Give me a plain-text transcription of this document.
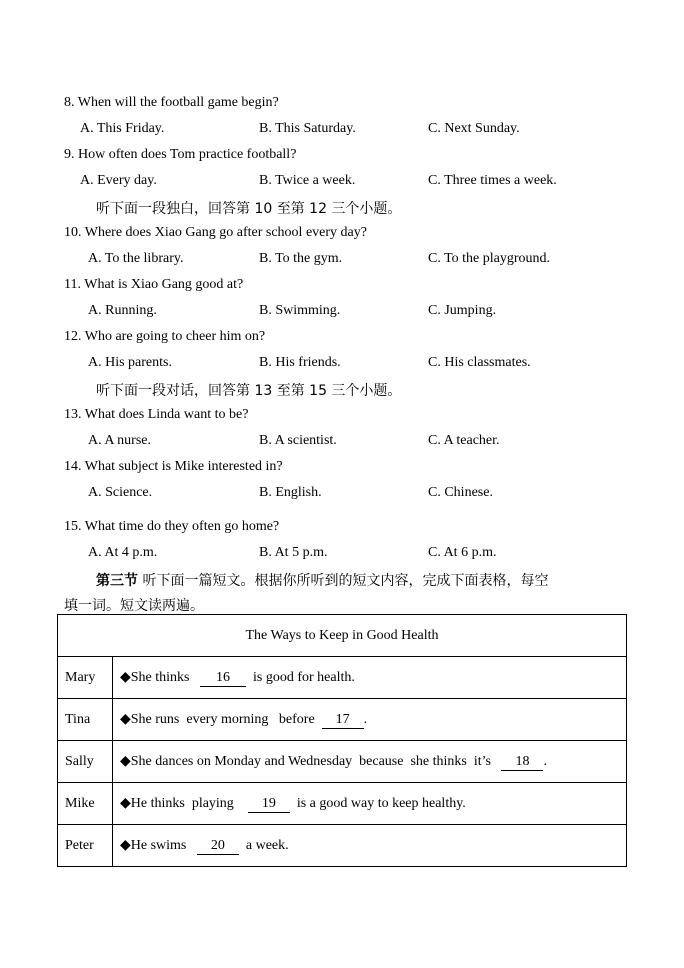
8. When will the football game begin?
A. This Friday.	B. This Saturday.	C. Next Sunday.
9. How often does Tom practice football?
A. Every day.	B. Twice a week.	C. Three times a week.
听下面一段独白，回答第 10 至第 12 三个小题。
10. Where does Xiao Gang go after school every day?
A. To the library.	B. To the gym.	C. To the playground.
11. What is Xiao Gang good at?
A. Running.	B. Swimming.	C. Jumping.
12. Who are going to cheer him on?
A. His parents.	B. His friends.	C. His classmates.
听下面一段对话，回答第 13 至第 15 三个小题。
13. What does Linda want to be?
A. A nurse.	B. A scientist.	C. A teacher.
14. What subject is Mike interested in?
A. Science.	B. English.	C. Chinese.
15. What time do they often go home?
A. At 4 p.m.	B. At 5 p.m.	C. At 6 p.m.
第三节 听下面一篇短文。根据你所听到的短文内容，完成下面表格，每空
填一词。短文读两遍。
The Ways to Keep in Good Health	
Mary	◆She thinks   16  is good for health.
Tina	◆She runs  every morning   before  17 .
Sally	◆She dances on Monday and Wednesday  because  she thinks  it’s   18 .
Mike	◆He thinks  playing    19  is a good way to keep healthy.
Peter	◆He swims   20  a week.
